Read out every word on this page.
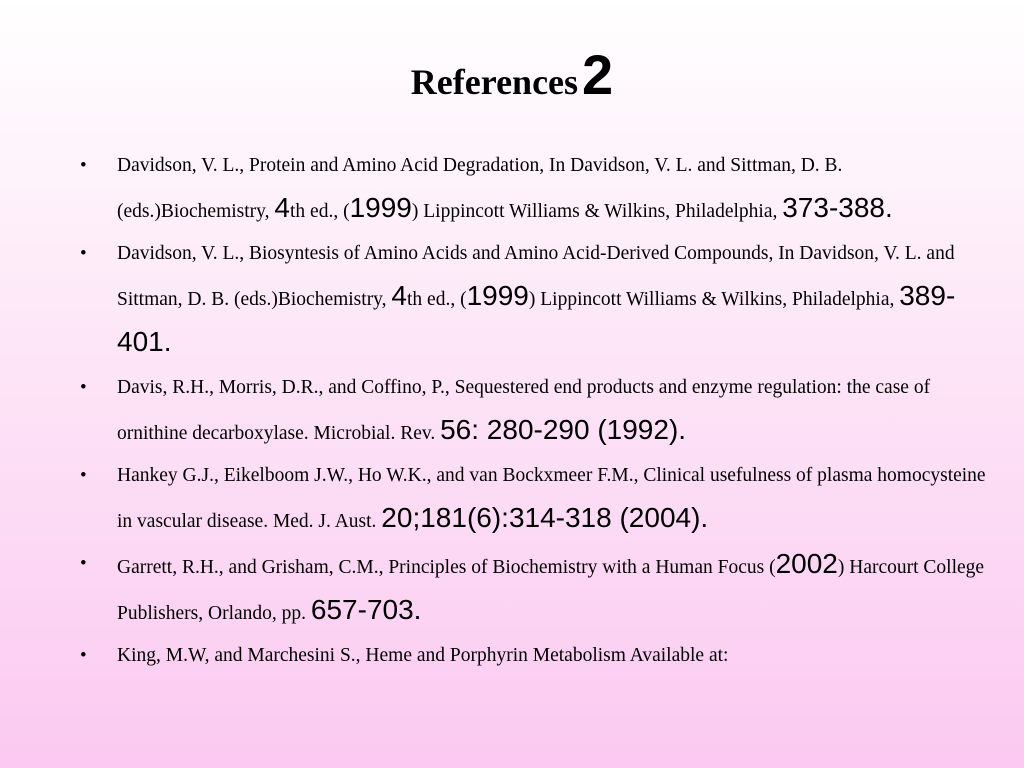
References 2
• Davidson, V. L., Protein and Amino Acid Degradation, In Davidson, V. L. and Sittman, D. B. (eds.)Biochemistry, 4th ed., (1999) Lippincott Williams & Wilkins, Philadelphia, 373-388.
• Davidson, V. L., Biosyntesis of Amino Acids and Amino Acid-Derived Compounds, In Davidson, V. L. and Sittman, D. B. (eds.)Biochemistry, 4th ed., (1999) Lippincott Williams & Wilkins, Philadelphia, 389-401.
• Davis, R.H., Morris, D.R., and Coffino, P., Sequestered end products and enzyme regulation: the case of ornithine decarboxylase. Microbial. Rev. 56: 280-290 (1992).
• Hankey G.J., Eikelboom J.W., Ho W.K., and van Bockxmeer F.M., Clinical usefulness of plasma homocysteine in vascular disease. Med. J. Aust. 20;181(6):314-318 (2004).
• Garrett, R.H., and Grisham, C.M., Principles of Biochemistry with a Human Focus (2002) Harcourt College Publishers, Orlando, pp. 657-703.
• King, M.W, and Marchesini S., Heme and Porphyrin Metabolism Available at:
